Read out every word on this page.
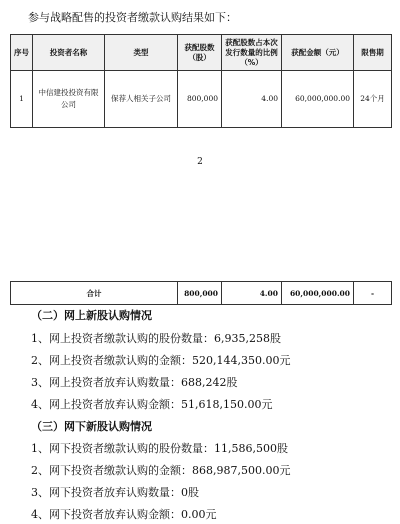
参与战略配售的投资者缴款认购结果如下：
序号	投资者名称	类型	获配股数（股）	获配股数占本次发行数量的比例（%）	获配金额（元）	限售期
1	中信建投投资有限公司	保荐人相关子公司	800,000	4.00	60,000,000.00	24个月
2
合计	800,000	4.00	60,000,000.00	-
（二）网上新股认购情况
1、网上投资者缴款认购的股份数量：6,935,258股
2、网上投资者缴款认购的金额：520,144,350.00元
3、网上投资者放弃认购数量：688,242股
4、网上投资者放弃认购金额：51,618,150.00元
（三）网下新股认购情况
1、网下投资者缴款认购的股份数量：11,586,500股
2、网下投资者缴款认购的金额：868,987,500.00元
3、网下投资者放弃认购数量：0股
4、网下投资者放弃认购金额：0.00元
